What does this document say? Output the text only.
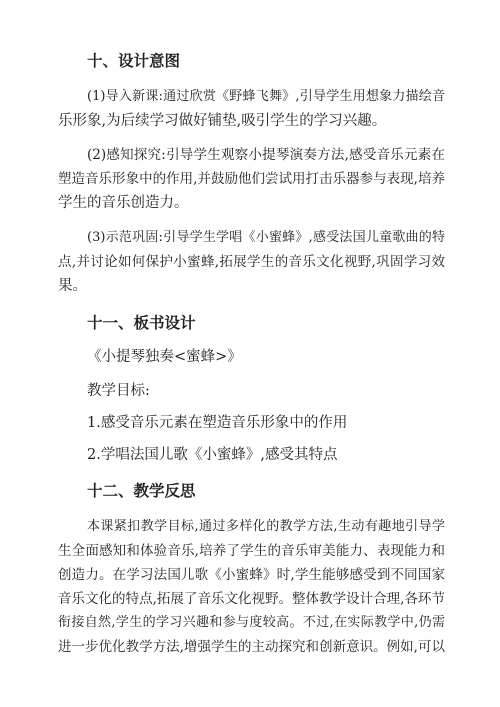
十、设计意图
(1)导入新课:通过欣赏《野蜂飞舞》,引导学生用想象力描绘音
乐形象,为后续学习做好铺垫,吸引学生的学习兴趣。
(2)感知探究:引导学生观察小提琴演奏方法,感受音乐元素在
塑造音乐形象中的作用,并鼓励他们尝试用打击乐器参与表现,培养
学生的音乐创造力。
(3)示范巩固:引导学生学唱《小蜜蜂》,感受法国儿童歌曲的特
点,并讨论如何保护小蜜蜂,拓展学生的音乐文化视野,巩固学习效
果。
十一、板书设计
《小提琴独奏<蜜蜂>》
教学目标:
1.感受音乐元素在塑造音乐形象中的作用
2.学唱法国儿歌《小蜜蜂》,感受其特点
十二、教学反思
本课紧扣教学目标,通过多样化的教学方法,生动有趣地引导学
生全面感知和体验音乐,培养了学生的音乐审美能力、表现能力和
创造力。在学习法国儿歌《小蜜蜂》时,学生能够感受到不同国家
音乐文化的特点,拓展了音乐文化视野。整体教学设计合理,各环节
衔接自然,学生的学习兴趣和参与度较高。不过,在实际教学中,仍需
进一步优化教学方法,增强学生的主动探究和创新意识。例如,可以
